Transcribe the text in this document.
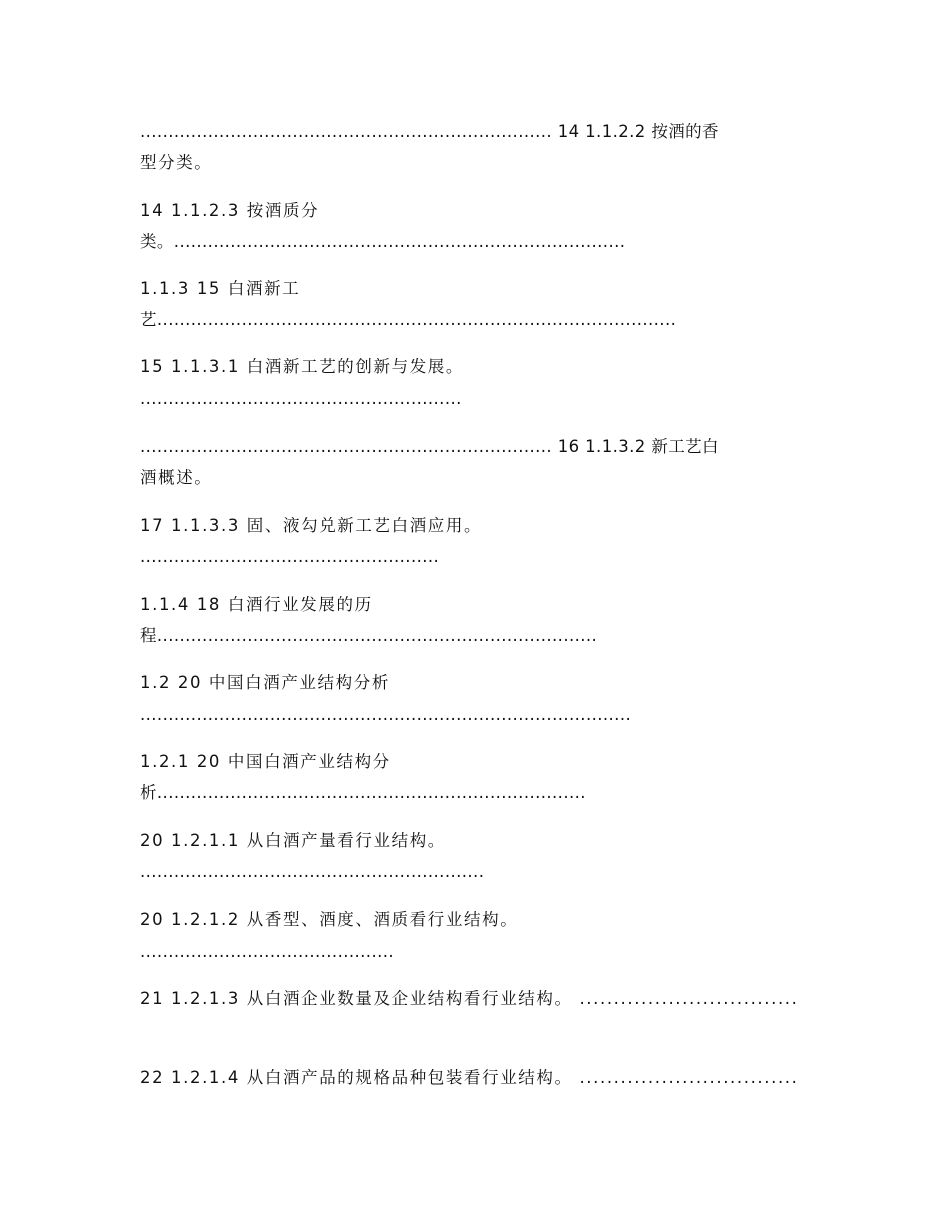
......................................................................... 14 1.1.2.2 按酒的香
型分类。
14 1.1.2.3 按酒质分
类。................................................................................
1.1.3 15 白酒新工
艺............................................................................................
15 1.1.3.1 白酒新工艺的创新与发展。
.........................................................
......................................................................... 16 1.1.3.2 新工艺白
酒概述。
17 1.1.3.3 固、液勾兑新工艺白酒应用。
.....................................................
1.1.4 18 白酒行业发展的历
程..............................................................................
1.2 20 中国白酒产业结构分析
.......................................................................................
1.2.1 20 中国白酒产业结构分
析............................................................................
20 1.2.1.1 从白酒产量看行业结构。
.............................................................
20 1.2.1.2 从香型、酒度、酒质看行业结构。
.............................................
21 1.2.1.3 从白酒企业数量及企业结构看行业结构。 ................................
22 1.2.1.4 从白酒产品的规格品种包装看行业结构。 ................................
